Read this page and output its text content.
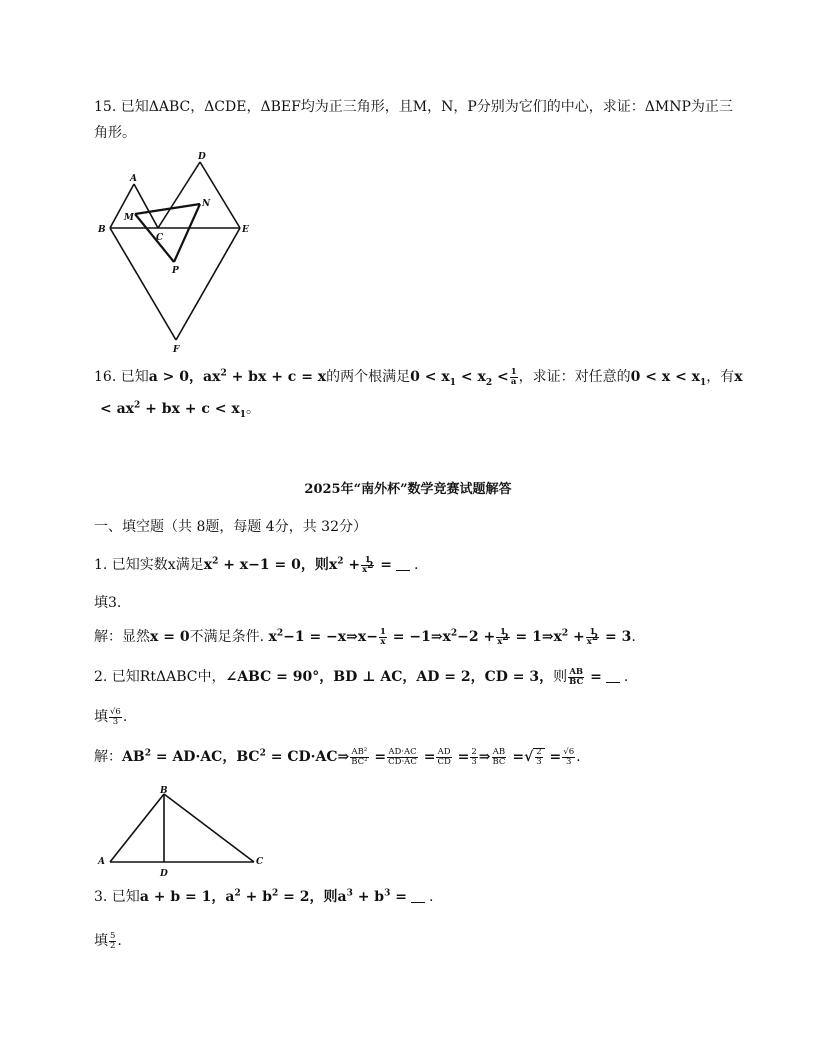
15. 已知ΔABC，ΔCDE，ΔBEF均为正三角形，且M，N，P分别为它们的中心，求证：ΔMNP为正三
角形。
A
D
N
M
B
C
E
P
F
16. 已知a > 0，$ax^2$ + bx + c = x的两个根满足$0 < x_1 < x_2 < \frac{1}{a}$ ，求证：对任意的$0 < x < x_1$，有x
< $ax^2$ + bx + $c < x_1$。
2025年“南外杯”数学竞赛试题解答
一、填空题（共 8题，每题 4分，共 32分）
1. 已知实数x满足$x^2 + x-1 = 0$，则$x^2 + \frac{1}{x^2}$ = .
填3.
解：显然x = 0不满足条件. $x^2-1$ = −x⇒x− $\frac{1}{x}$ = $-1\Rightarrow x^2-2 + \frac{1}{x^2}$ = $1\Rightarrow x^2 + \frac{1}{x^2} = 3$.
2. 已知RtΔABC中，∠ABC = 90°，BD ⊥ AC，AD = 2，CD = 3，则 $\frac{AB}{BC}$ = .
填 $\frac{√6}{3}$ .
解：$AB^2 = AD\cdot AC$，$BC^2$ = CD·AC⇒ $\frac{\text{AB²}}{\text{BC²}} = \frac{AD\cdot AC}{CD\cdot AC} = \frac{AD}{CD} = \frac{2}{3}$ ⇒ $\frac{AB}{BC}$ =√ $\frac{2}{3} = \frac{√6}{3}$ .
B
A	C
D
3. 已知a + b = 1，$a^2 + b^2 = 2$，则$a^3 + b^3$ = .
填 $\frac{5}{2}$ .
